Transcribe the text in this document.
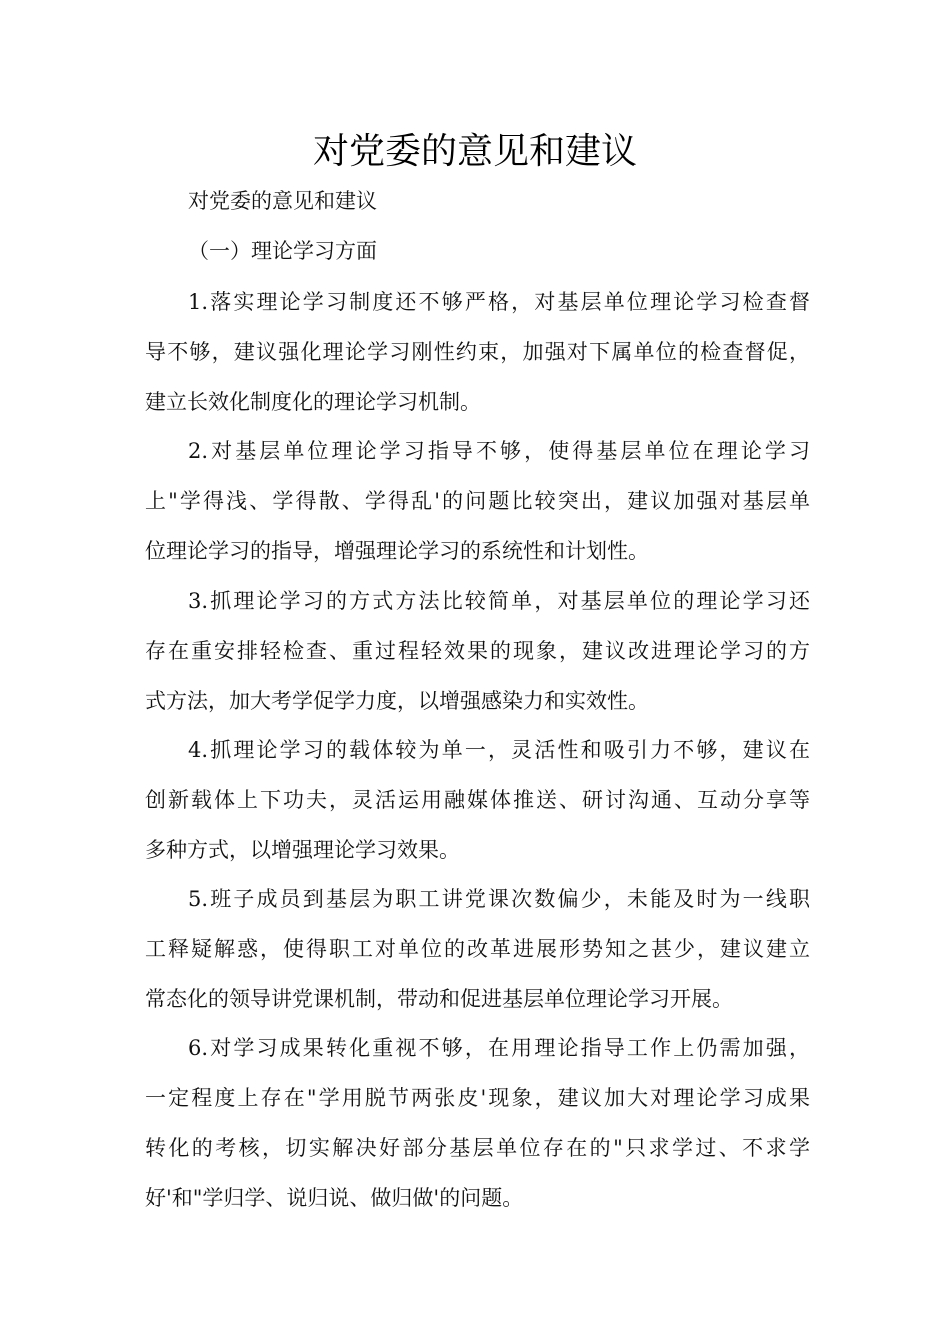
对党委的意见和建议

对党委的意见和建议

（一）理论学习方面

1.落实理论学习制度还不够严格，对基层单位理论学习检查督

导不够，建议强化理论学习刚性约束，加强对下属单位的检查督促，

建立长效化制度化的理论学习机制。

2.对基层单位理论学习指导不够，使得基层单位在理论学习

上"学得浅、学得散、学得乱'的问题比较突出，建议加强对基层单

位理论学习的指导，增强理论学习的系统性和计划性。

3.抓理论学习的方式方法比较简单，对基层单位的理论学习还

存在重安排轻检查、重过程轻效果的现象，建议改进理论学习的方

式方法，加大考学促学力度，以增强感染力和实效性。

4.抓理论学习的载体较为单一，灵活性和吸引力不够，建议在

创新载体上下功夫，灵活运用融媒体推送、研讨沟通、互动分享等

多种方式，以增强理论学习效果。

5.班子成员到基层为职工讲党课次数偏少，未能及时为一线职

工释疑解惑，使得职工对单位的改革进展形势知之甚少，建议建立

常态化的领导讲党课机制，带动和促进基层单位理论学习开展。

6.对学习成果转化重视不够，在用理论指导工作上仍需加强，

一定程度上存在"学用脱节两张皮'现象，建议加大对理论学习成果

转化的考核，切实解决好部分基层单位存在的"只求学过、不求学

好'和"学归学、说归说、做归做'的问题。
